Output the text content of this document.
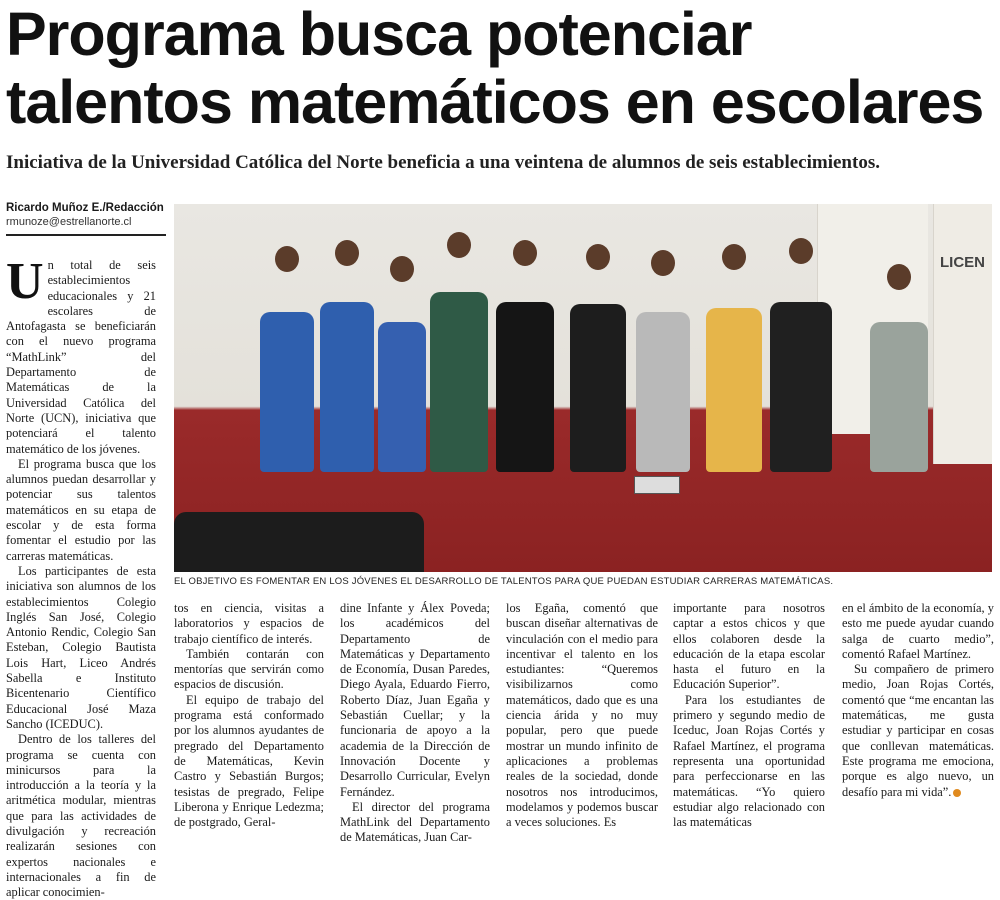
Programa busca potenciar
talentos matemáticos en escolares

Iniciativa de la Universidad Católica del Norte beneficia a una veintena de alumnos de seis establecimientos.

Ricardo Muñoz E./Redacción
rmunoze@estrellanorte.cl
LICEN
EL OBJETIVO ES FOMENTAR EN LOS JÓVENES EL DESARROLLO DE TALENTOS PARA QUE PUEDAN ESTUDIAR CARRERAS MATEMÁTICAS.

Un total de seis establecimientos educacionales y 21 escolares de Antofagasta se beneficiarán con el nuevo programa “MathLink” del Departamento de Matemáticas de la Universidad Católica del Norte (UCN), iniciativa que potenciará el talento matemático de los jóvenes.

El programa busca que los alumnos puedan desarrollar y potenciar sus talentos matemáticos en su etapa de escolar y de esta forma fomentar el estudio por las carreras matemáticas.

Los participantes de esta iniciativa son alumnos de los establecimientos Colegio Inglés San José, Colegio Antonio Rendic, Colegio San Esteban, Colegio Bautista Lois Hart, Liceo Andrés Sabella e Instituto Bicentenario Científico Educacional José Maza Sancho (ICEDUC).

Dentro de los talleres del programa se cuenta con minicursos para la introducción a la teoría y la aritmética modular, mientras que para las actividades de divulgación y recreación realizarán sesiones con expertos nacionales e internacionales a fin de aplicar conocimien-

tos en ciencia, visitas a laboratorios y espacios de trabajo científico de interés.

También contarán con mentorías que servirán como espacios de discusión.

El equipo de trabajo del programa está conformado por los alumnos ayudantes de pregrado del Departamento de Matemáticas, Kevin Castro y Sebastián Burgos; tesistas de pregrado, Felipe Liberona y Enrique Ledezma; de postgrado, Geral-

dine Infante y Álex Poveda; los académicos del Departamento de Matemáticas y Departamento de Economía, Dusan Paredes, Diego Ayala, Eduardo Fierro, Roberto Díaz, Juan Egaña y Sebastián Cuellar; y la funcionaria de apoyo a la academia de la Dirección de Innovación Docente y Desarrollo Curricular, Evelyn Fernández.

El director del programa MathLink del Departamento de Matemáticas, Juan Car-

los Egaña, comentó que buscan diseñar alternativas de vinculación con el medio para incentivar el talento en los estudiantes: “Queremos visibilizarnos como matemáticos, dado que es una ciencia árida y no muy popular, pero que puede mostrar un mundo infinito de aplicaciones a problemas reales de la sociedad, donde nosotros nos introducimos, modelamos y podemos buscar a veces soluciones. Es

importante para nosotros captar a estos chicos y que ellos colaboren desde la educación de la etapa escolar hasta el futuro en la Educación Superior”.

Para los estudiantes de primero y segundo medio de Iceduc, Joan Rojas Cortés y Rafael Martínez, el programa representa una oportunidad para perfeccionarse en las matemáticas. “Yo quiero estudiar algo relacionado con las matemáticas

en el ámbito de la economía, y esto me puede ayudar cuando salga de cuarto medio”, comentó Rafael Martínez.

Su compañero de primero medio, Joan Rojas Cortés, comentó que “me encantan las matemáticas, me gusta estudiar y participar en cosas que conllevan matemáticas. Este programa me emociona, porque es algo nuevo, un desafío para mi vida”.
